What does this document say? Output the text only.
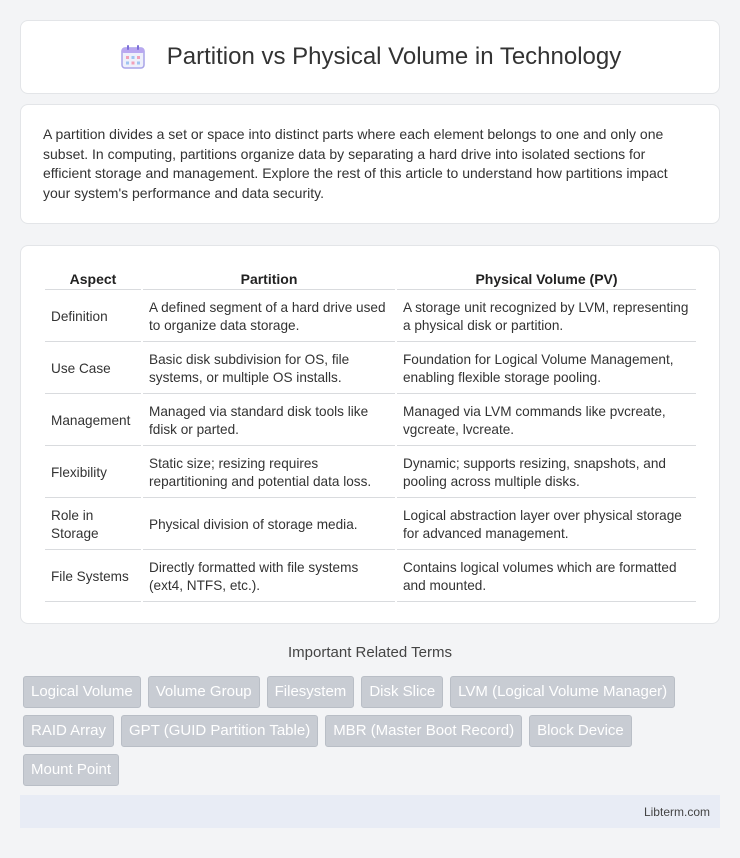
Partition vs Physical Volume in Technology

A partition divides a set or space into distinct parts where each element belongs to one and only one subset. In computing, partitions organize data by separating a hard drive into isolated sections for efficient storage and management. Explore the rest of this article to understand how partitions impact your system's performance and data security.

Aspect	Partition	Physical Volume (PV)
Definition	A defined segment of a hard drive used to organize data storage.	A storage unit recognized by LVM, representing a physical disk or partition.
Use Case	Basic disk subdivision for OS, file systems, or multiple OS installs.	Foundation for Logical Volume Management, enabling flexible storage pooling.
Management	Managed via standard disk tools like fdisk or parted.	Managed via LVM commands like pvcreate, vgcreate, lvcreate.
Flexibility	Static size; resizing requires repartitioning and potential data loss.	Dynamic; supports resizing, snapshots, and pooling across multiple disks.
Role in Storage	Physical division of storage media.	Logical abstraction layer over physical storage for advanced management.
File Systems	Directly formatted with file systems (ext4, NTFS, etc.).	Contains logical volumes which are formatted and mounted.
Important Related Terms
Logical Volume	Volume Group	Filesystem	Disk Slice	LVM (Logical Volume Manager)
RAID Array	GPT (GUID Partition Table)	MBR (Master Boot Record)	Block Device
Mount Point
Libterm.com
